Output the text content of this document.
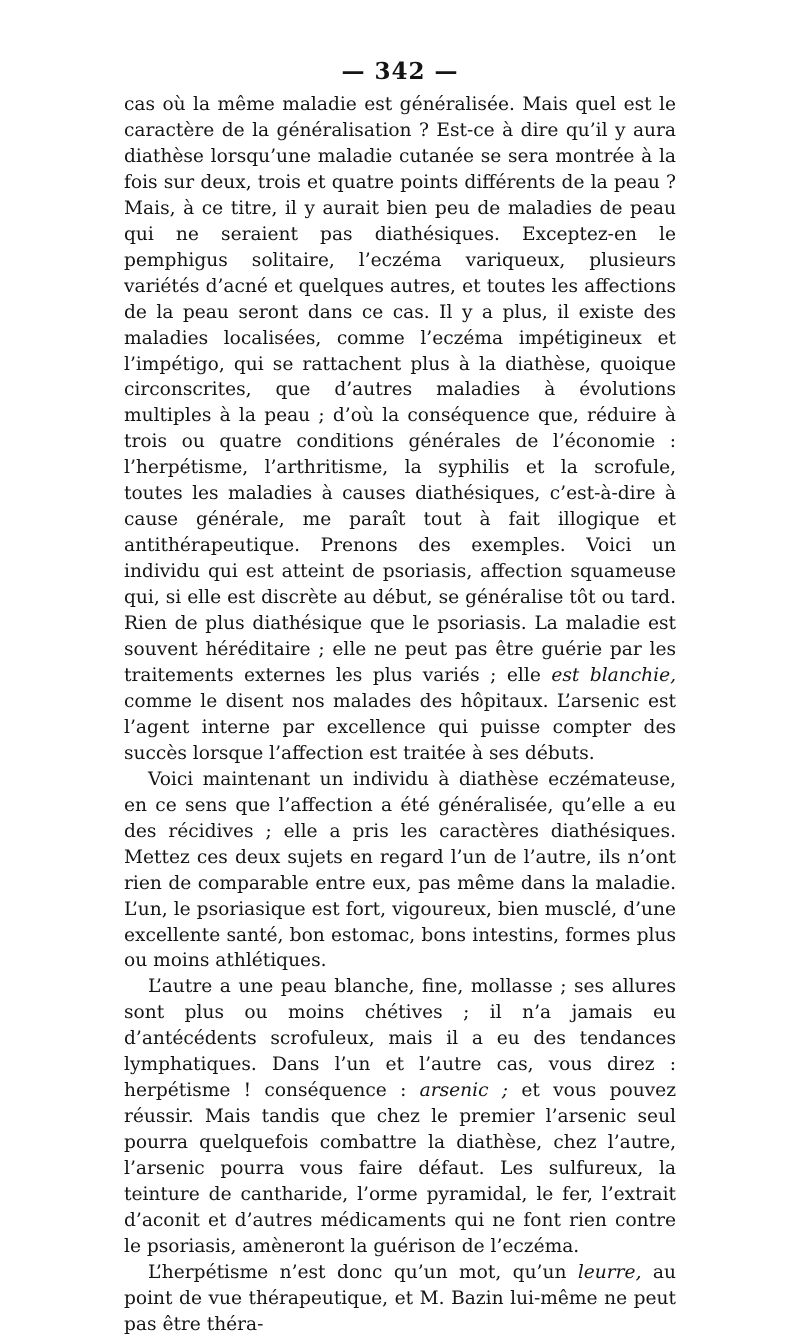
— 342 —

cas où la même maladie est généralisée. Mais quel est le caractère de la généralisation ? Est-ce à dire qu’il y aura diathèse lorsqu’une maladie cutanée se sera montrée à la fois sur deux, trois et quatre points différents de la peau ? Mais, à ce titre, il y aurait bien peu de maladies de peau qui ne seraient pas diathésiques. Exceptez-en le pemphigus solitaire, l’eczéma variqueux, plusieurs variétés d’acné et quelques autres, et toutes les affections de la peau seront dans ce cas. Il y a plus, il existe des maladies localisées, comme l’eczéma impétigineux et l’impétigo, qui se rattachent plus à la diathèse, quoique circonscrites, que d’autres maladies à évolutions multiples à la peau ; d’où la conséquence que, réduire à trois ou quatre conditions générales de l’économie : l’herpétisme, l’arthritisme, la syphilis et la scrofule, toutes les maladies à causes diathésiques, c’est-à-dire à cause générale, me paraît tout à fait illogique et antithérapeutique. Prenons des exemples. Voici un individu qui est atteint de psoriasis, affection squameuse qui, si elle est discrète au début, se généralise tôt ou tard. Rien de plus diathésique que le psoriasis. La maladie est souvent héréditaire ; elle ne peut pas être guérie par les traitements externes les plus variés ; elle est blanchie, comme le disent nos malades des hôpitaux. L’arsenic est l’agent interne par excellence qui puisse compter des succès lorsque l’affection est traitée à ses débuts.

Voici maintenant un individu à diathèse eczémateuse, en ce sens que l’affection a été généralisée, qu’elle a eu des récidives ; elle a pris les caractères diathésiques. Mettez ces deux sujets en regard l’un de l’autre, ils n’ont rien de comparable entre eux, pas même dans la maladie. L’un, le psoriasique est fort, vigoureux, bien musclé, d’une excellente santé, bon estomac, bons intestins, formes plus ou moins athlétiques.

L’autre a une peau blanche, fine, mollasse ; ses allures sont plus ou moins chétives ; il n’a jamais eu d’antécédents scrofuleux, mais il a eu des tendances lymphatiques. Dans l’un et l’autre cas, vous direz : herpétisme ! conséquence : arsenic ; et vous pouvez réussir. Mais tandis que chez le premier l’arsenic seul pourra quelquefois combattre la diathèse, chez l’autre, l’arsenic pourra vous faire défaut. Les sulfureux, la teinture de cantharide, l’orme pyramidal, le fer, l’extrait d’aconit et d’autres médicaments qui ne font rien contre le psoriasis, amèneront la guérison de l’eczéma.

L’herpétisme n’est donc qu’un mot, qu’un leurre, au point de vue thérapeutique, et M. Bazin lui-même ne peut pas être théra-
